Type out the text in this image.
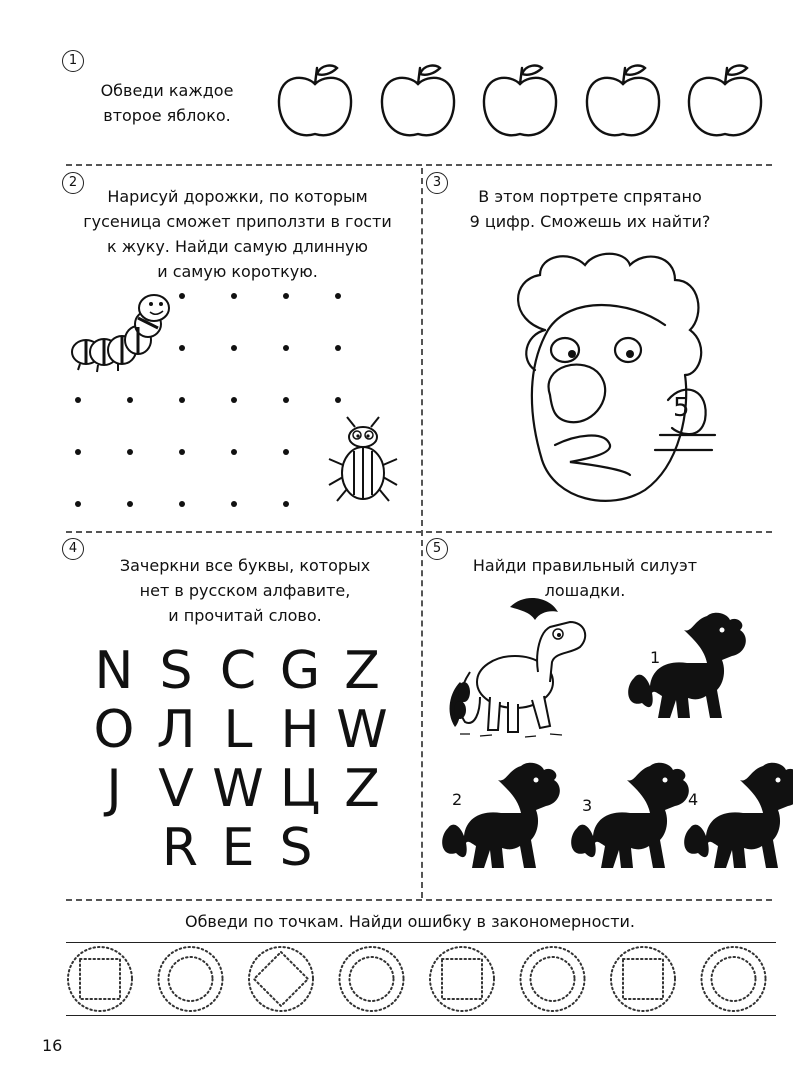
1
Обведи каждое
второе яблоко.
2
Нарисуй дорожки, по которым
гусеница сможет приползти в гости
к жуку. Найди самую длинную
и самую короткую.
3
В этом портрете спрятано
9 цифр. Сможешь их найти?
5
4
Зачеркни все буквы, которых
нет в русском алфавите,
и прочитай слово.
N S C G Z
О Л L H W
J V W Ц Z
R E S
5
Найди правильный силуэт
лошадки.
1
2	3	4
Обведи по точкам. Найди ошибку в закономерности.
16
